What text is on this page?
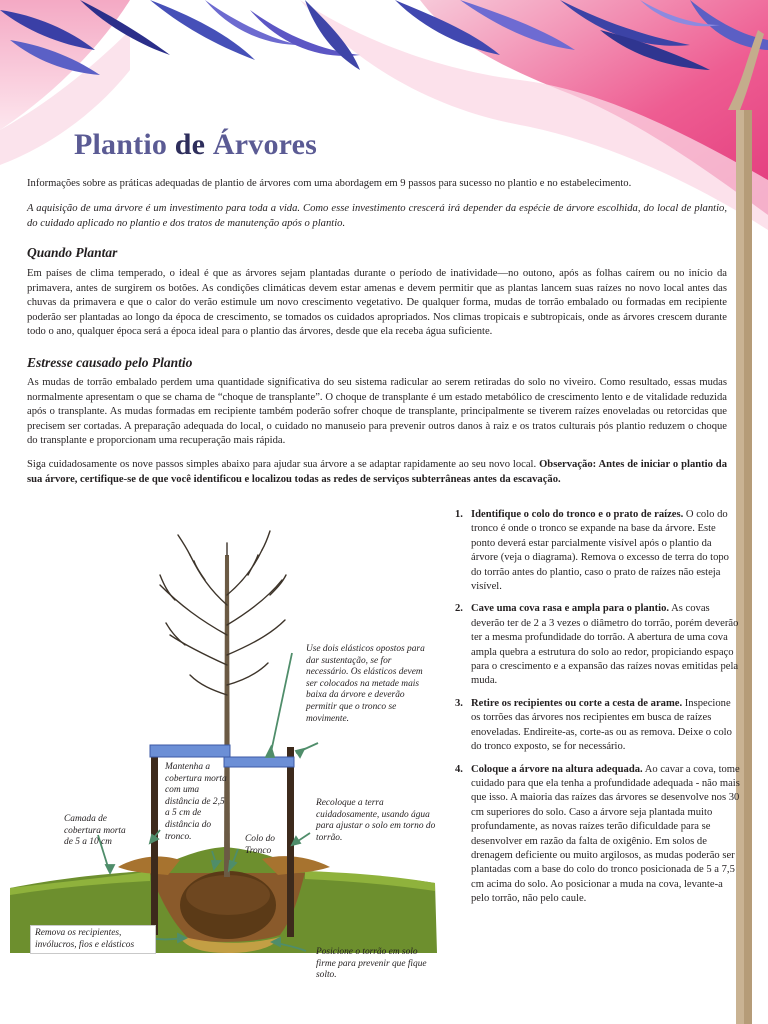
Plantio de Árvores

Informações sobre as práticas adequadas de plantio de árvores com uma abordagem em 9 passos para sucesso no plantio e no estabelecimento.

A aquisição de uma árvore é um investimento para toda a vida. Como esse investimento crescerá irá depender da espécie de árvore escolhida, do local de plantio, do cuidado aplicado no plantio e dos tratos de manutenção após o plantio.

Quando Plantar

Em países de clima temperado, o ideal é que as árvores sejam plantadas durante o período de inatividade—no outono, após as folhas caírem ou no início da primavera, antes de surgirem os botões. As condições climáticas devem estar amenas e devem permitir que as plantas lancem suas raízes no novo local antes das chuvas da primavera e que o calor do verão estimule um novo crescimento vegetativo. De qualquer forma, mudas de torrão embalado ou formadas em recipiente poderão ser plantadas ao longo da época de crescimento, se tomados os cuidados apropriados. Nos climas tropicais e subtropicais, onde as árvores crescem durante todo o ano, qualquer época será a época ideal para o plantio das árvores, desde que ela receba água suficiente.

Estresse causado pelo Plantio

As mudas de torrão embalado perdem uma quantidade significativa do seu sistema radicular ao serem retiradas do solo no viveiro. Como resultado, essas mudas normalmente apresentam o que se chama de “choque de transplante”. O choque de transplante é um estado metabólico de crescimento lento e de vitalidade reduzida após o transplante. As mudas formadas em recipiente também poderão sofrer choque de transplante, principalmente se tiverem raízes enoveladas ou retorcidas que precisem ser cortadas. A preparação adequada do local, o cuidado no manuseio para prevenir outros danos à raiz e os tratos culturais pós plantio reduzem o choque do transplante e proporcionam uma recuperação mais rápida.

Siga cuidadosamente os nove passos simples abaixo para ajudar sua árvore a se adaptar rapidamente ao seu novo local. Observação: Antes de iniciar o plantio da sua árvore, certifique-se de que você identificou e localizou todas as redes de serviços subterrâneas antes da escavação.

Use dois elásticos opostos para dar sustentação, se for necessário. Os elásticos devem ser colocados na metade mais baixa da árvore e deverão permitir que o tronco se movimente.

Mantenha a cobertura morta com uma distância de 2,5 a 5 cm de distância do tronco.

Camada de cobertura morta de 5 a 10 cm	Colo do Tronco

Recoloque a terra cuidadosamente, usando água para ajustar o solo em torno do torrão.

Remova os recipientes, invólucros, fios e elásticos

Posicione o torrão em solo firme para prevenir que fique solto.

1. Identifique o colo do tronco e o prato de raízes. O colo do tronco é onde o tronco se expande na base da árvore. Este ponto deverá estar parcialmente visível após o plantio da árvore (veja o diagrama). Remova o excesso de terra do topo do torrão antes do plantio, caso o prato de raízes não esteja visível.
2. Cave uma cova rasa e ampla para o plantio. As covas deverão ter de 2 a 3 vezes o diâmetro do torrão, porém deverão ter a mesma profundidade do torrão. A abertura de uma cova ampla quebra a estrutura do solo ao redor, propiciando espaço para o crescimento e a expansão das raízes novas emitidas pela muda.
3. Retire os recipientes ou corte a cesta de arame. Inspecione os torrões das árvores nos recipientes em busca de raízes enoveladas. Endireite-as, corte-as ou as remova. Deixe o colo do tronco exposto, se for necessário.
4. Coloque a árvore na altura adequada. Ao cavar a cova, tome cuidado para que ela tenha a profundidade adequada - não mais que isso. A maioria das raízes das árvores se desenvolve nos 30 cm superiores do solo. Caso a árvore seja plantada muito profundamente, as novas raízes terão dificuldade para se desenvolver em razão da falta de oxigênio. Em solos de drenagem deficiente ou muito argilosos, as mudas poderão ser plantadas com a base do colo do tronco posicionada de 5 a 7,5 cm acima do solo. Ao posicionar a muda na cova, levante-a pelo torrão, não pelo caule.
